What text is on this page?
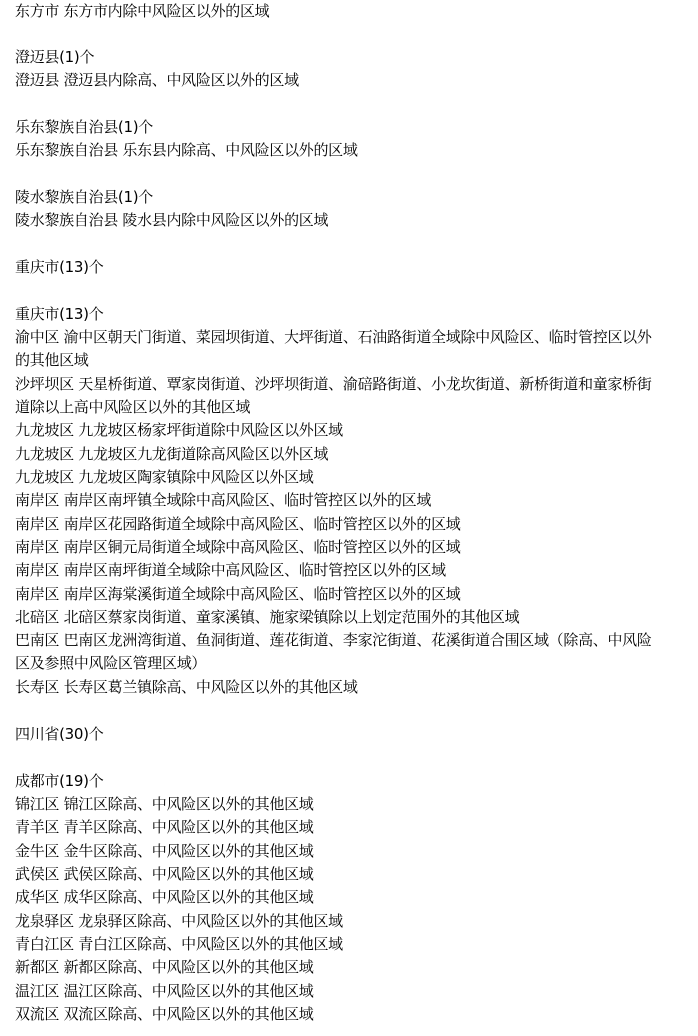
东方市 东方市内除中风险区以外的区域
澄迈县(1)个
澄迈县 澄迈县内除高、中风险区以外的区域
乐东黎族自治县(1)个
乐东黎族自治县 乐东县内除高、中风险区以外的区域
陵水黎族自治县(1)个
陵水黎族自治县 陵水县内除中风险区以外的区域
重庆市(13)个
重庆市(13)个
渝中区 渝中区朝天门街道、菜园坝街道、大坪街道、石油路街道全域除中风险区、临时管控区以外的其他区域
沙坪坝区 天星桥街道、覃家岗街道、沙坪坝街道、渝碚路街道、小龙坎街道、新桥街道和童家桥街道除以上高中风险区以外的其他区域
九龙坡区 九龙坡区杨家坪街道除中风险区以外区域
九龙坡区 九龙坡区九龙街道除高风险区以外区域
九龙坡区 九龙坡区陶家镇除中风险区以外区域
南岸区 南岸区南坪镇全域除中高风险区、临时管控区以外的区域
南岸区 南岸区花园路街道全域除中高风险区、临时管控区以外的区域
南岸区 南岸区铜元局街道全域除中高风险区、临时管控区以外的区域
南岸区 南岸区南坪街道全域除中高风险区、临时管控区以外的区域
南岸区 南岸区海棠溪街道全域除中高风险区、临时管控区以外的区域
北碚区 北碚区蔡家岗街道、童家溪镇、施家梁镇除以上划定范围外的其他区域
巴南区 巴南区龙洲湾街道、鱼洞街道、莲花街道、李家沱街道、花溪街道合围区域（除高、中风险区及参照中风险区管理区域）
长寿区 长寿区葛兰镇除高、中风险区以外的其他区域
四川省(30)个
成都市(19)个
锦江区 锦江区除高、中风险区以外的其他区域
青羊区 青羊区除高、中风险区以外的其他区域
金牛区 金牛区除高、中风险区以外的其他区域
武侯区 武侯区除高、中风险区以外的其他区域
成华区 成华区除高、中风险区以外的其他区域
龙泉驿区 龙泉驿区除高、中风险区以外的其他区域
青白江区 青白江区除高、中风险区以外的其他区域
新都区 新都区除高、中风险区以外的其他区域
温江区 温江区除高、中风险区以外的其他区域
双流区 双流区除高、中风险区以外的其他区域
